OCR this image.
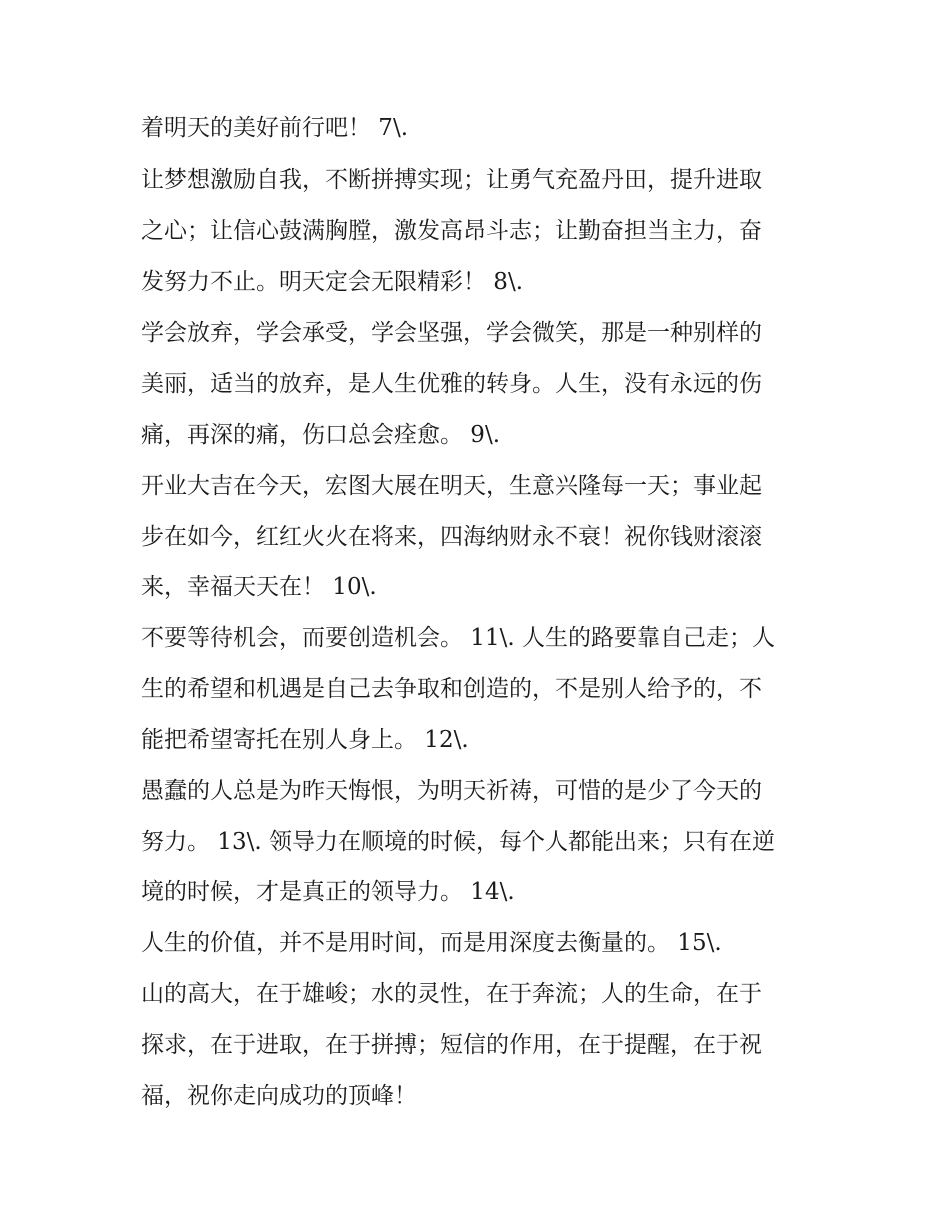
着明天的美好前行吧！ 7\.
让梦想激励自我，不断拼搏实现；让勇气充盈丹田，提升进取
之心；让信心鼓满胸膛，激发高昂斗志；让勤奋担当主力，奋
发努力不止。明天定会无限精彩！ 8\.
学会放弃，学会承受，学会坚强，学会微笑，那是一种别样的
美丽，适当的放弃，是人生优雅的转身。人生，没有永远的伤
痛，再深的痛，伤口总会痊愈。 9\.
开业大吉在今天，宏图大展在明天，生意兴隆每一天；事业起
步在如今，红红火火在将来，四海纳财永不衰！祝你钱财滚滚
来，幸福天天在！ 10\.
不要等待机会，而要创造机会。 11\. 人生的路要靠自己走；人
生的希望和机遇是自己去争取和创造的，不是别人给予的，不
能把希望寄托在别人身上。 12\.
愚蠢的人总是为昨天悔恨，为明天祈祷，可惜的是少了今天的
努力。 13\. 领导力在顺境的时候，每个人都能出来；只有在逆
境的时候，才是真正的领导力。 14\.
人生的价值，并不是用时间，而是用深度去衡量的。 15\.
山的高大，在于雄峻；水的灵性，在于奔流；人的生命，在于
探求，在于进取，在于拼搏；短信的作用，在于提醒，在于祝
福，祝你走向成功的顶峰！
